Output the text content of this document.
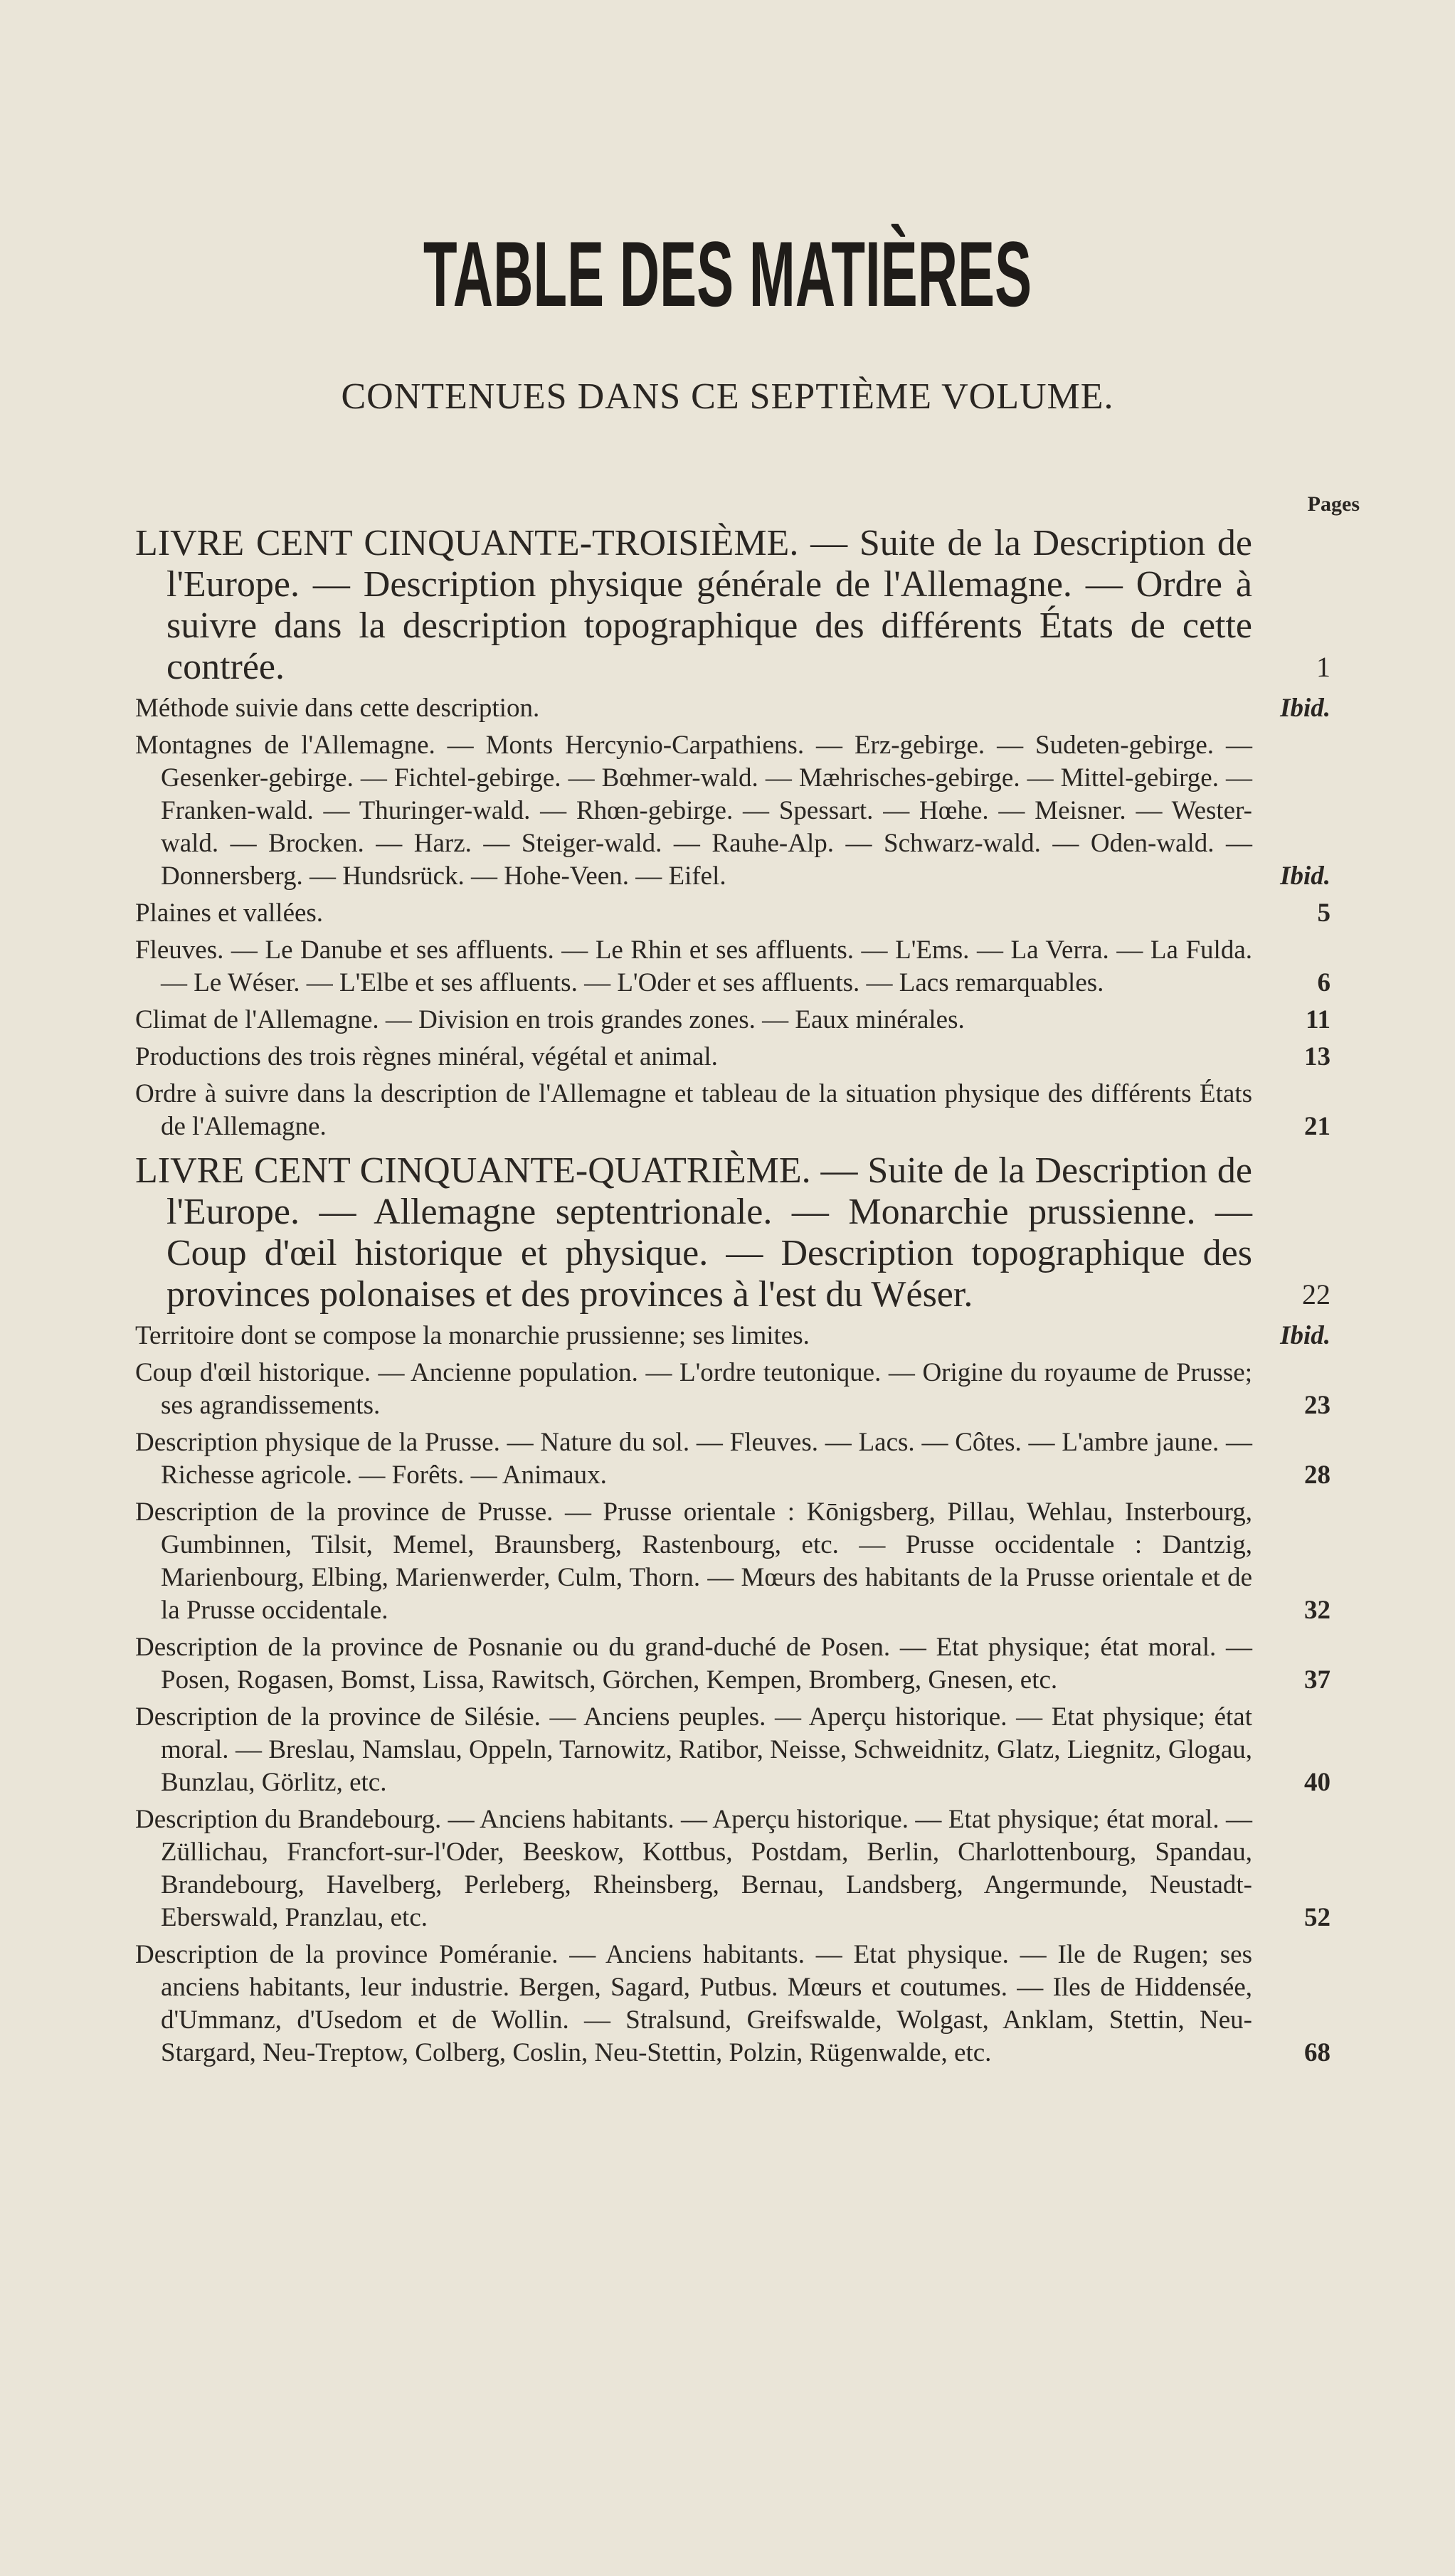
TABLE DES MATIÈRES
CONTENUES DANS CE SEPTIÈME VOLUME.
Pages
LIVRE CENT CINQUANTE-TROISIÈME. — Suite de la Description de l'Europe. — Description physique générale de l'Allemagne. — Ordre à suivre dans la description topographique des différents États de cette contrée.	1
Méthode suivie dans cette description.	Ibid.
Montagnes de l'Allemagne. — Monts Hercynio-Carpathiens. — Erz-gebirge. — Sudeten-gebirge. — Gesenker-gebirge. — Fichtel-gebirge. — Bœhmer-wald. — Mæhrisches-gebirge. — Mittel-gebirge. — Franken-wald. — Thuringer-wald. — Rhœn-gebirge. — Spessart. — Hœhe. — Meisner. — Wester-wald. — Brocken. — Harz. — Steiger-wald. — Rauhe-Alp. — Schwarz-wald. — Oden-wald. — Donnersberg. — Hundsrück. — Hohe-Veen. — Eifel.	Ibid.
Plaines et vallées.	5
Fleuves. — Le Danube et ses affluents. — Le Rhin et ses affluents. — L'Ems. — La Verra. — La Fulda. — Le Wéser. — L'Elbe et ses affluents. — L'Oder et ses affluents. — Lacs remarquables.	6
Climat de l'Allemagne. — Division en trois grandes zones. — Eaux minérales.	11
Productions des trois règnes minéral, végétal et animal.	13
Ordre à suivre dans la description de l'Allemagne et tableau de la situation physique des différents États de l'Allemagne.	21
LIVRE CENT CINQUANTE-QUATRIÈME. — Suite de la Description de l'Europe. — Allemagne septentrionale. — Monarchie prussienne. — Coup d'œil historique et physique. — Description topographique des provinces polonaises et des provinces à l'est du Wéser.	22
Territoire dont se compose la monarchie prussienne; ses limites.	Ibid.
Coup d'œil historique. — Ancienne population. — L'ordre teutonique. — Origine du royaume de Prusse; ses agrandissements.	23
Description physique de la Prusse. — Nature du sol. — Fleuves. — Lacs. — Côtes. — L'ambre jaune. — Richesse agricole. — Forêts. — Animaux.	28
Description de la province de Prusse. — Prusse orientale : Kōnigsberg, Pillau, Wehlau, Insterbourg, Gumbinnen, Tilsit, Memel, Braunsberg, Rastenbourg, etc. — Prusse occidentale : Dantzig, Marienbourg, Elbing, Marienwerder, Culm, Thorn. — Mœurs des habitants de la Prusse orientale et de la Prusse occidentale.	32
Description de la province de Posnanie ou du grand-duché de Posen. — Etat physique; état moral. — Posen, Rogasen, Bomst, Lissa, Rawitsch, Görchen, Kempen, Bromberg, Gnesen, etc.	37
Description de la province de Silésie. — Anciens peuples. — Aperçu historique. — Etat physique; état moral. — Breslau, Namslau, Oppeln, Tarnowitz, Ratibor, Neisse, Schweidnitz, Glatz, Liegnitz, Glogau, Bunzlau, Görlitz, etc.	40
Description du Brandebourg. — Anciens habitants. — Aperçu historique. — Etat physique; état moral. — Züllichau, Francfort-sur-l'Oder, Beeskow, Kottbus, Postdam, Berlin, Charlottenbourg, Spandau, Brandebourg, Havelberg, Perleberg, Rheinsberg, Bernau, Landsberg, Angermunde, Neustadt-Eberswald, Pranzlau, etc.	52
Description de la province Poméranie. — Anciens habitants. — Etat physique. — Ile de Rugen; ses anciens habitants, leur industrie. Bergen, Sagard, Putbus. Mœurs et coutumes. — Iles de Hiddensée, d'Ummanz, d'Usedom et de Wollin. — Stralsund, Greifswalde, Wolgast, Anklam, Stettin, Neu-Stargard, Neu-Treptow, Colberg, Coslin, Neu-Stettin, Polzin, Rügenwalde, etc.	68
